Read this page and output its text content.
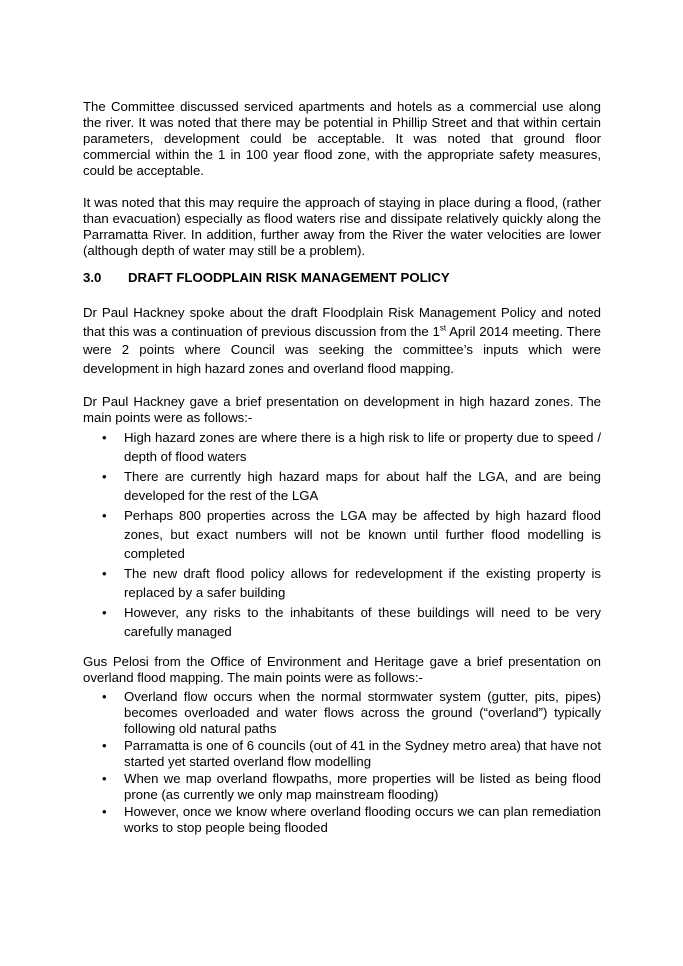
The Committee discussed serviced apartments and hotels as a commercial use along the river. It was noted that there may be potential in Phillip Street and that within certain parameters, development could be acceptable. It was noted that ground floor commercial within the 1 in 100 year flood zone, with the appropriate safety measures, could be acceptable.

It was noted that this may require the approach of staying in place during a flood, (rather than evacuation) especially as flood waters rise and dissipate relatively quickly along the Parramatta River. In addition, further away from the River the water velocities are lower (although depth of water may still be a problem).

3.0 DRAFT FLOODPLAIN RISK MANAGEMENT POLICY

Dr Paul Hackney spoke about the draft Floodplain Risk Management Policy and noted that this was a continuation of previous discussion from the 1st April 2014 meeting. There were 2 points where Council was seeking the committee’s inputs which were development in high hazard zones and overland flood mapping.

Dr Paul Hackney gave a brief presentation on development in high hazard zones. The main points were as follows:-

• High hazard zones are where there is a high risk to life or property due to speed / depth of flood waters
• There are currently high hazard maps for about half the LGA, and are being developed for the rest of the LGA
• Perhaps 800 properties across the LGA may be affected by high hazard flood zones, but exact numbers will not be known until further flood modelling is completed
• The new draft flood policy allows for redevelopment if the existing property is replaced by a safer building
• However, any risks to the inhabitants of these buildings will need to be very carefully managed

Gus Pelosi from the Office of Environment and Heritage gave a brief presentation on overland flood mapping. The main points were as follows:-

• Overland flow occurs when the normal stormwater system (gutter, pits, pipes) becomes overloaded and water flows across the ground (“overland”) typically following old natural paths
• Parramatta is one of 6 councils (out of 41 in the Sydney metro area) that have not started yet started overland flow modelling
• When we map overland flowpaths, more properties will be listed as being flood prone (as currently we only map mainstream flooding)
• However, once we know where overland flooding occurs we can plan remediation works to stop people being flooded
